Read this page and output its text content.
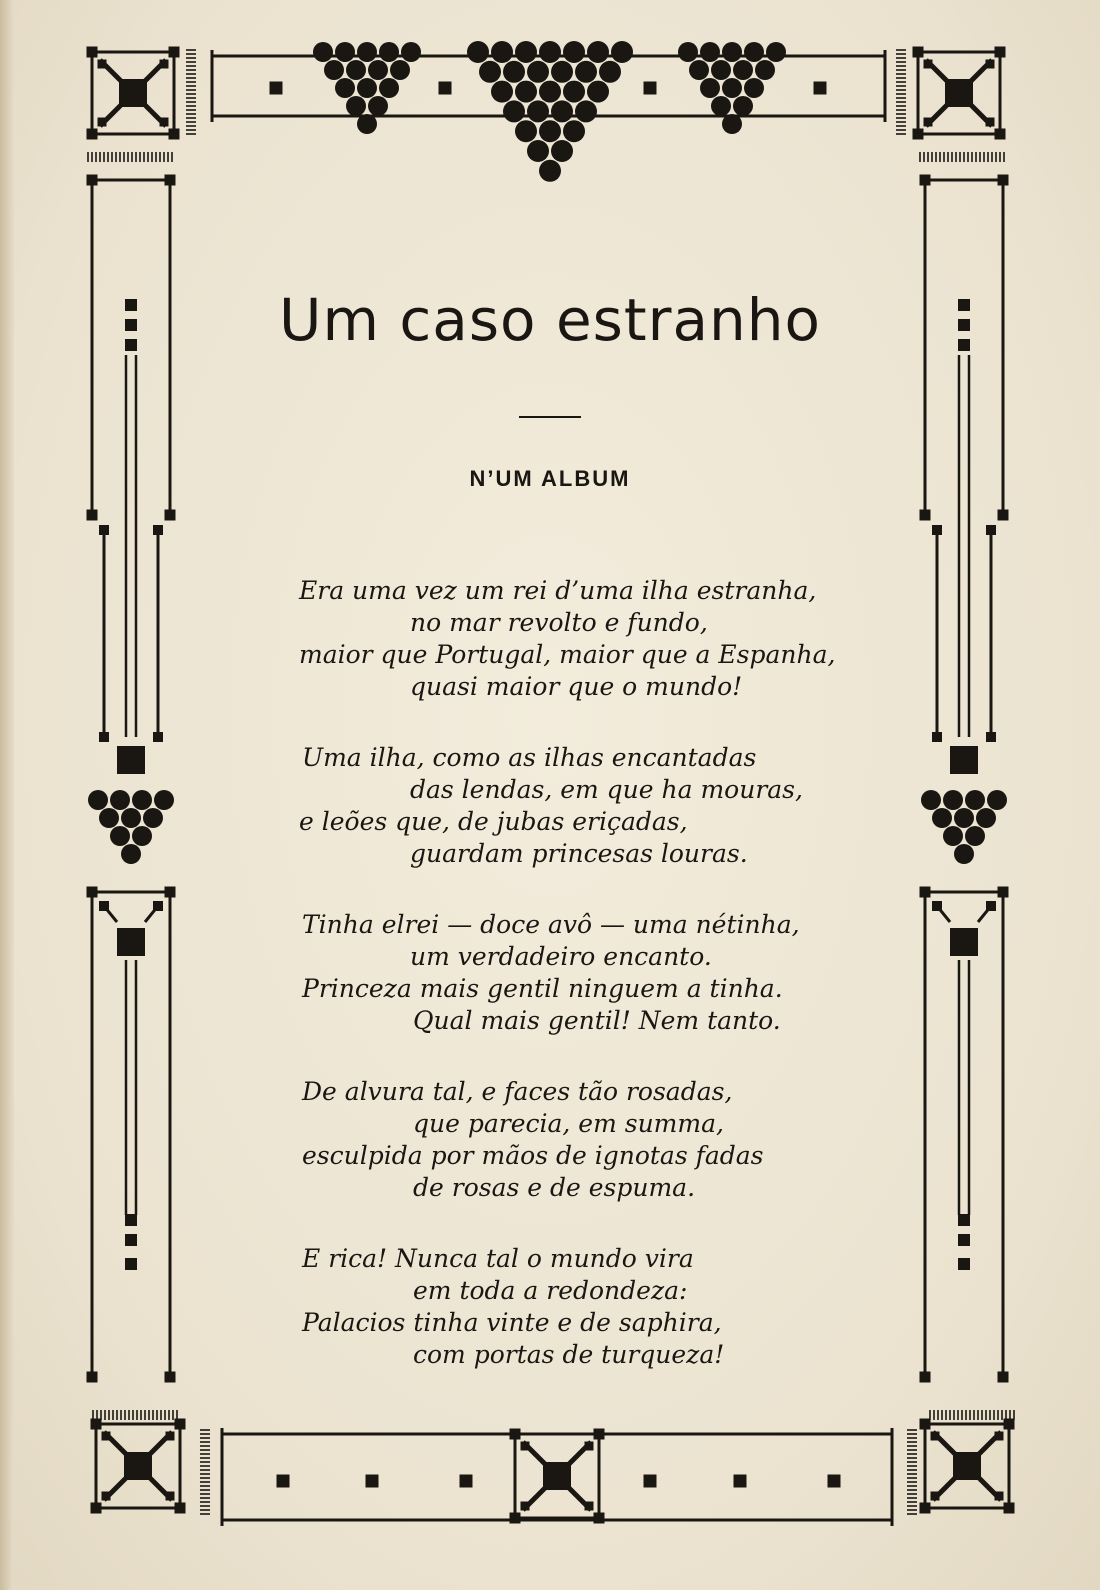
Um caso estranho
N’UM ALBUM
Era uma vez um rei d’uma ilha estranha,
no mar revolto e fundo,
maior que Portugal, maior que a Espanha,
quasi maior que o mundo!
Uma ilha, como as ilhas encantadas
das lendas, em que ha mouras,
e leões que, de jubas eriçadas,
guardam princesas louras.
Tinha elrei — doce avô — uma nétinha,
um verdadeiro encanto.
Princeza mais gentil ninguem a tinha.
Qual mais gentil! Nem tanto.
De alvura tal, e faces tão rosadas,
que parecia, em summa,
esculpida por mãos de ignotas fadas
de rosas e de espuma.
E rica! Nunca tal o mundo vira
em toda a redondeza:
Palacios tinha vinte e de saphira,
com portas de turqueza!
